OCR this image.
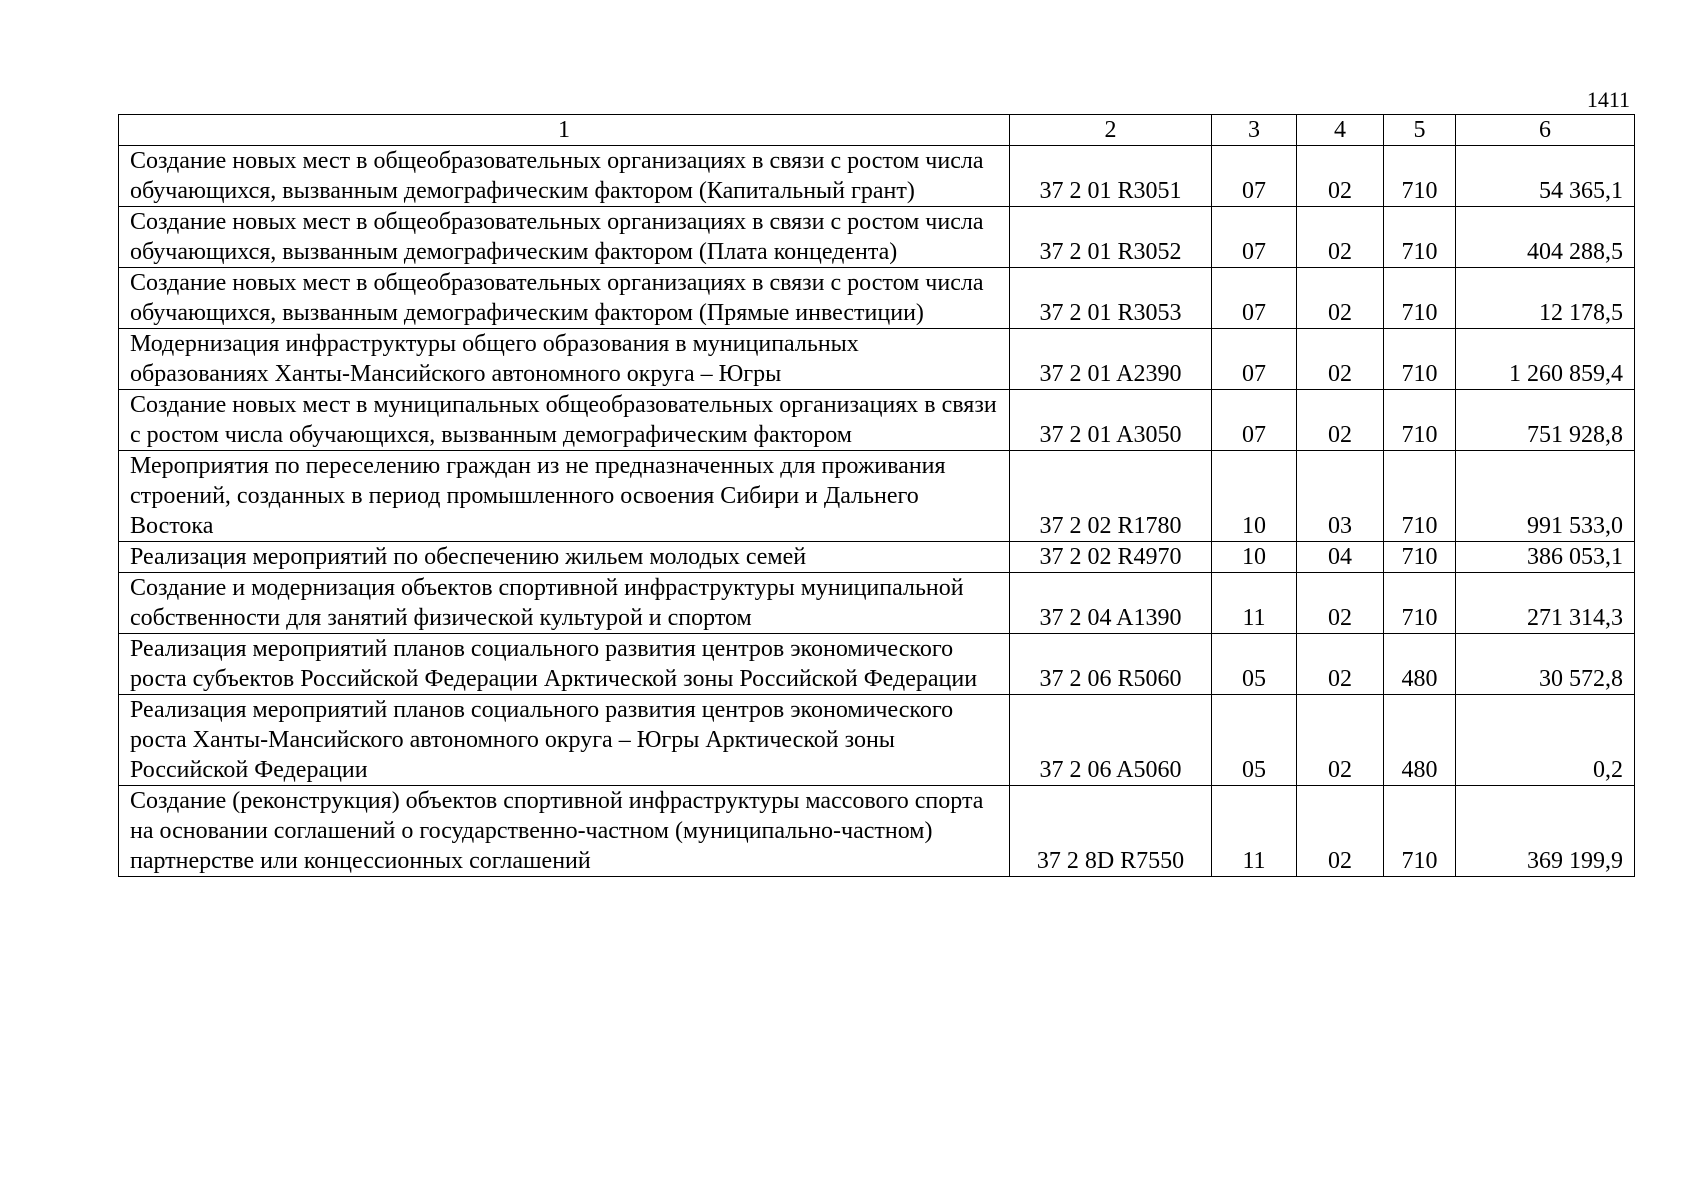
1411
1	2	3	4	5	6
Создание новых мест в общеобразовательных организациях в связи с ростом числа обучающихся, вызванным демографическим фактором (Капитальный грант)	37 2 01 R3051	07	02	710	54 365,1
Создание новых мест в общеобразовательных организациях в связи с ростом числа обучающихся, вызванным демографическим фактором (Плата концедента)	37 2 01 R3052	07	02	710	404 288,5
Создание новых мест в общеобразовательных организациях в связи с ростом числа обучающихся, вызванным демографическим фактором (Прямые инвестиции)	37 2 01 R3053	07	02	710	12 178,5
Модернизация инфраструктуры общего образования в муниципальных образованиях Ханты-Мансийского автономного округа – Югры	37 2 01 A2390	07	02	710	1 260 859,4
Создание новых мест в муниципальных общеобразовательных организациях в связи с ростом числа обучающихся, вызванным демографическим фактором	37 2 01 A3050	07	02	710	751 928,8
Мероприятия по переселению граждан из не предназначенных для проживания строений, созданных в период промышленного освоения Сибири и Дальнего Востока	37 2 02 R1780	10	03	710	991 533,0
Реализация мероприятий по обеспечению жильем молодых семей	37 2 02 R4970	10	04	710	386 053,1
Создание и модернизация объектов спортивной инфраструктуры муниципальной собственности для занятий физической культурой и спортом	37 2 04 A1390	11	02	710	271 314,3
Реализация мероприятий планов социального развития центров экономического роста субъектов Российской Федерации Арктической зоны Российской Федерации	37 2 06 R5060	05	02	480	30 572,8
Реализация мероприятий планов социального развития центров экономического роста Ханты-Мансийского автономного округа – Югры Арктической зоны Российской Федерации	37 2 06 A5060	05	02	480	0,2
Создание (реконструкция) объектов спортивной инфраструктуры массового спорта на основании соглашений о государственно-частном (муниципально-частном) партнерстве или концессионных соглашений	37 2 8D R7550	11	02	710	369 199,9
